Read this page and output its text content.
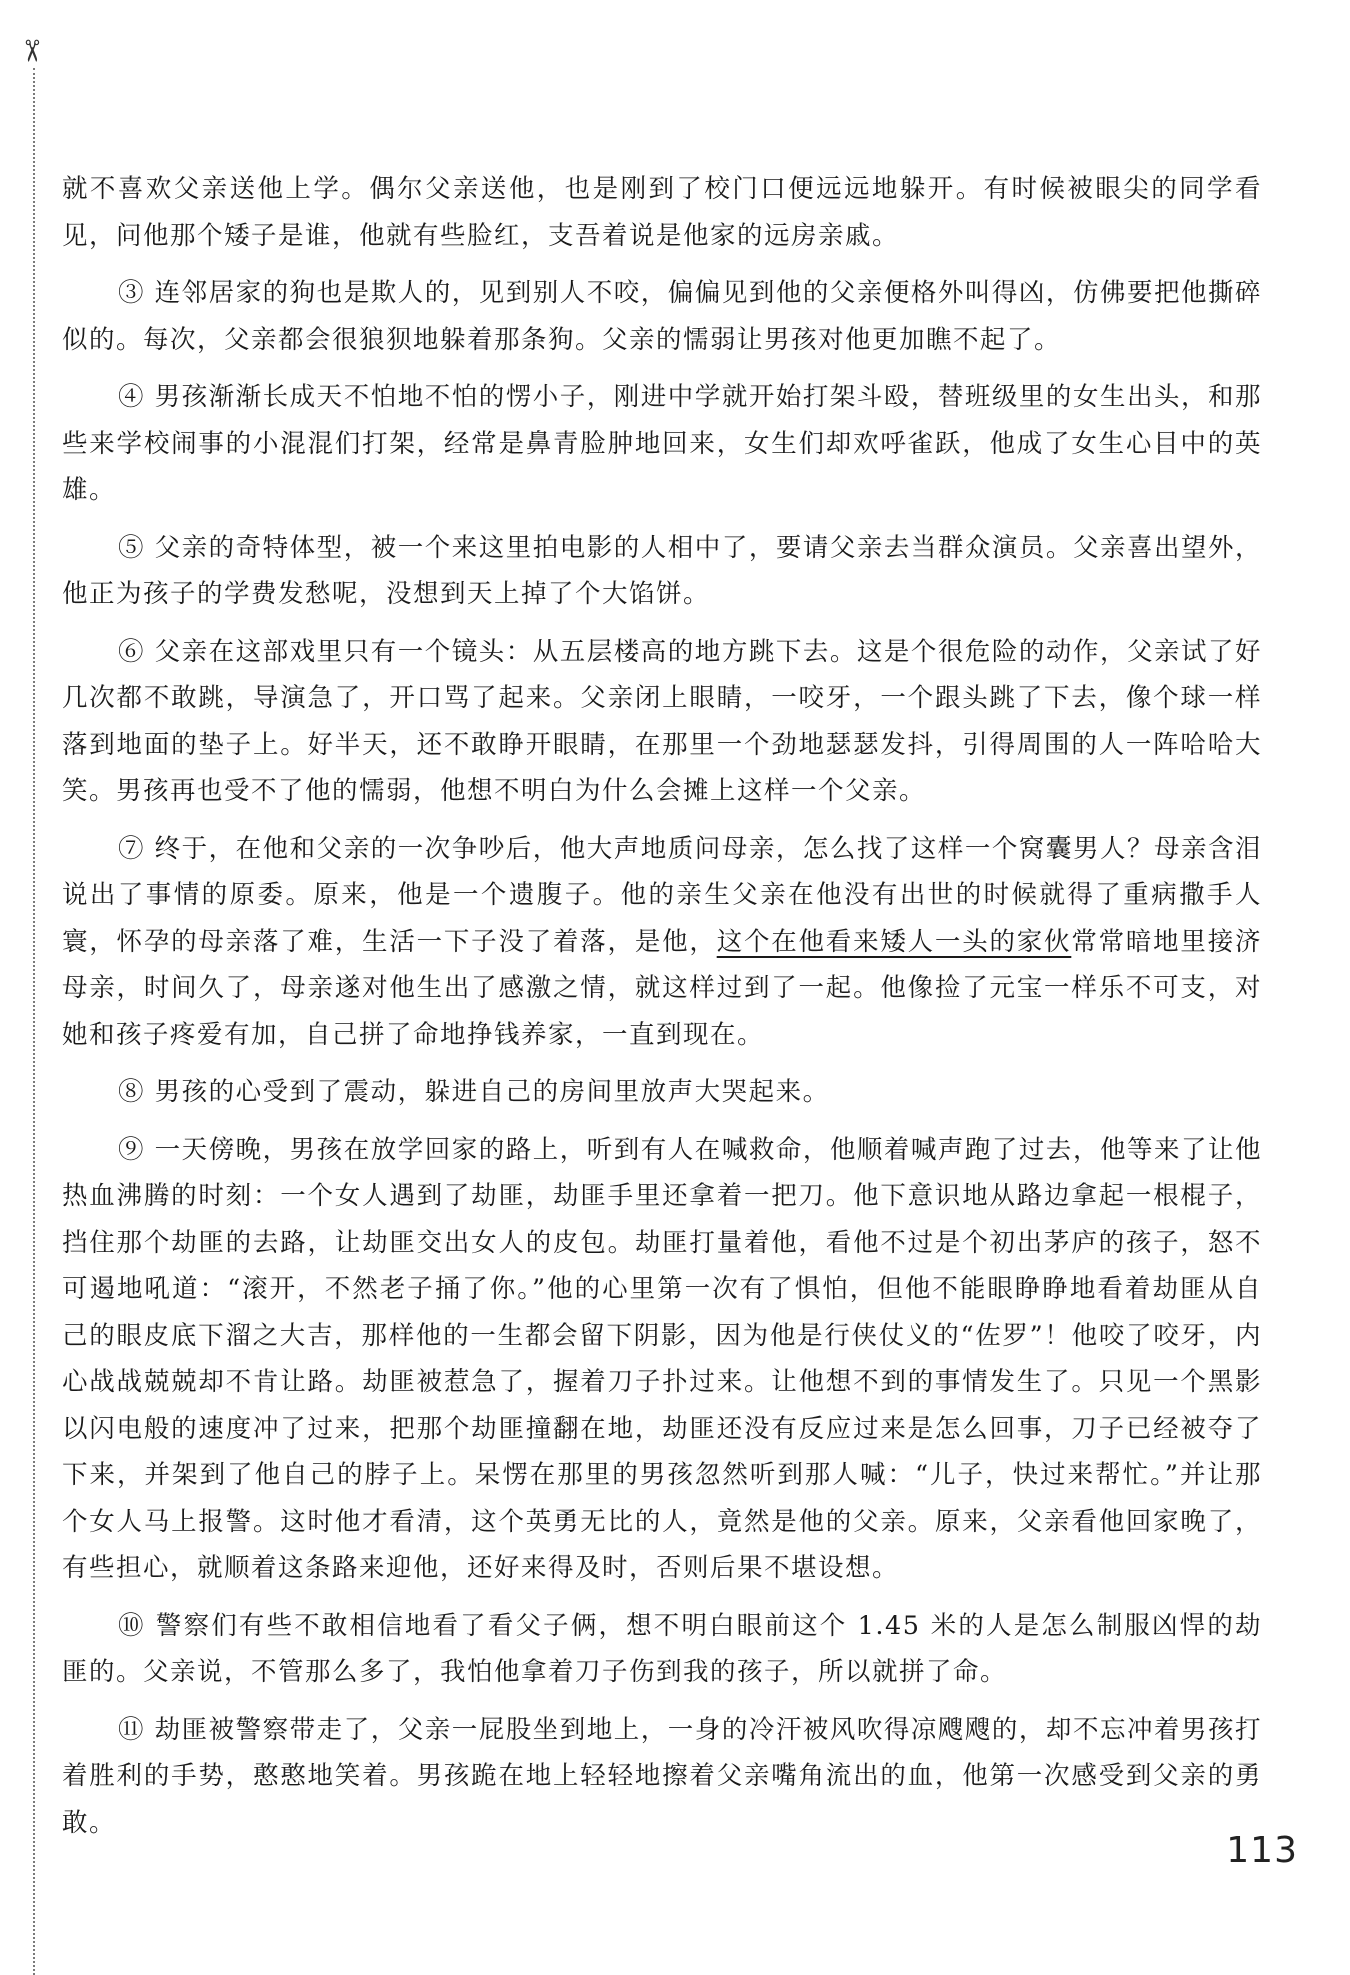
✂

就不喜欢父亲送他上学。偶尔父亲送他，也是刚到了校门口便远远地躲开。有时候被眼尖的同学看见，问他那个矮子是谁，他就有些脸红，支吾着说是他家的远房亲戚。

③ 连邻居家的狗也是欺人的，见到别人不咬，偏偏见到他的父亲便格外叫得凶，仿佛要把他撕碎似的。每次，父亲都会很狼狈地躲着那条狗。父亲的懦弱让男孩对他更加瞧不起了。

④ 男孩渐渐长成天不怕地不怕的愣小子，刚进中学就开始打架斗殴，替班级里的女生出头，和那些来学校闹事的小混混们打架，经常是鼻青脸肿地回来，女生们却欢呼雀跃，他成了女生心目中的英雄。

⑤ 父亲的奇特体型，被一个来这里拍电影的人相中了，要请父亲去当群众演员。父亲喜出望外，他正为孩子的学费发愁呢，没想到天上掉了个大馅饼。

⑥ 父亲在这部戏里只有一个镜头：从五层楼高的地方跳下去。这是个很危险的动作，父亲试了好几次都不敢跳，导演急了，开口骂了起来。父亲闭上眼睛，一咬牙，一个跟头跳了下去，像个球一样落到地面的垫子上。好半天，还不敢睁开眼睛，在那里一个劲地瑟瑟发抖，引得周围的人一阵哈哈大笑。男孩再也受不了他的懦弱，他想不明白为什么会摊上这样一个父亲。

⑦ 终于，在他和父亲的一次争吵后，他大声地质问母亲，怎么找了这样一个窝囊男人？母亲含泪说出了事情的原委。原来，他是一个遗腹子。他的亲生父亲在他没有出世的时候就得了重病撒手人寰，怀孕的母亲落了难，生活一下子没了着落，是他，这个在他看来矮人一头的家伙常常暗地里接济母亲，时间久了，母亲遂对他生出了感激之情，就这样过到了一起。他像捡了元宝一样乐不可支，对她和孩子疼爱有加，自己拼了命地挣钱养家，一直到现在。

⑧ 男孩的心受到了震动，躲进自己的房间里放声大哭起来。

⑨ 一天傍晚，男孩在放学回家的路上，听到有人在喊救命，他顺着喊声跑了过去，他等来了让他热血沸腾的时刻：一个女人遇到了劫匪，劫匪手里还拿着一把刀。他下意识地从路边拿起一根棍子，挡住那个劫匪的去路，让劫匪交出女人的皮包。劫匪打量着他，看他不过是个初出茅庐的孩子，怒不可遏地吼道：“滚开，不然老子捅了你。”他的心里第一次有了惧怕，但他不能眼睁睁地看着劫匪从自己的眼皮底下溜之大吉，那样他的一生都会留下阴影，因为他是行侠仗义的“佐罗”！他咬了咬牙，内心战战兢兢却不肯让路。劫匪被惹急了，握着刀子扑过来。让他想不到的事情发生了。只见一个黑影以闪电般的速度冲了过来，把那个劫匪撞翻在地，劫匪还没有反应过来是怎么回事，刀子已经被夺了下来，并架到了他自己的脖子上。呆愣在那里的男孩忽然听到那人喊：“儿子，快过来帮忙。”并让那个女人马上报警。这时他才看清，这个英勇无比的人，竟然是他的父亲。原来，父亲看他回家晚了，有些担心，就顺着这条路来迎他，还好来得及时，否则后果不堪设想。

⑩ 警察们有些不敢相信地看了看父子俩，想不明白眼前这个 1.45 米的人是怎么制服凶悍的劫匪的。父亲说，不管那么多了，我怕他拿着刀子伤到我的孩子，所以就拼了命。

⑪ 劫匪被警察带走了，父亲一屁股坐到地上，一身的冷汗被风吹得凉飕飕的，却不忘冲着男孩打着胜利的手势，憨憨地笑着。男孩跪在地上轻轻地擦着父亲嘴角流出的血，他第一次感受到父亲的勇敢。

113
